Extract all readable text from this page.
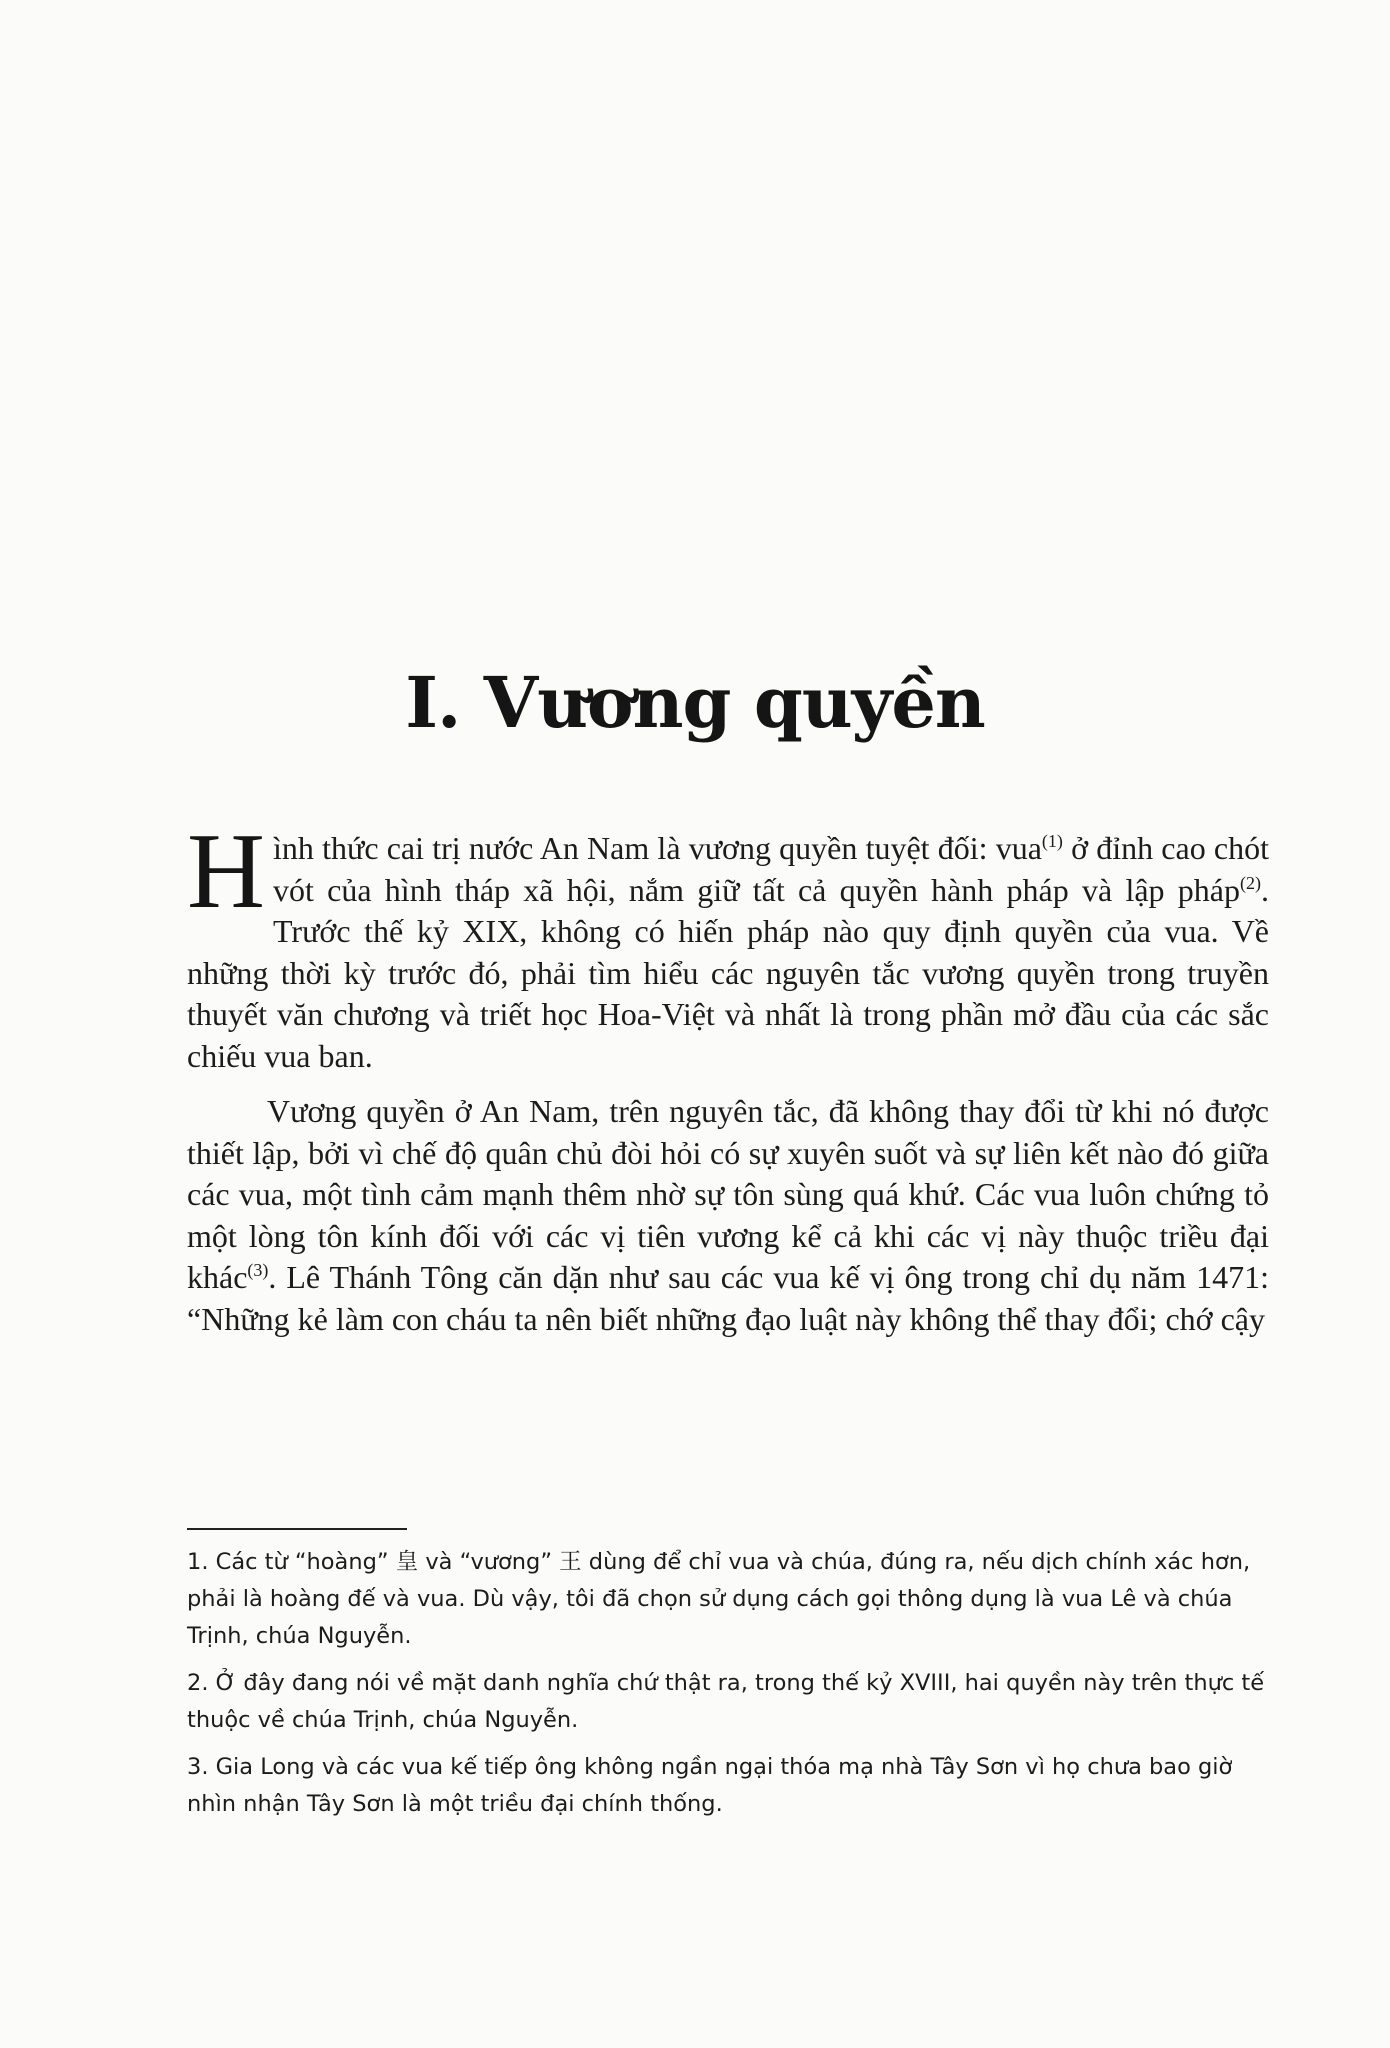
I. Vương quyền

Hình thức cai trị nước An Nam là vương quyền tuyệt đối: vua$^{(1)}$ ở đỉnh cao chót vót của hình tháp xã hội, nắm giữ tất cả quyền hành pháp và lập pháp$^{(2)}$. Trước thế kỷ XIX, không có hiến pháp nào quy định quyền của vua. Về những thời kỳ trước đó, phải tìm hiểu các nguyên tắc vương quyền trong truyền thuyết văn chương và triết học Hoa-Việt và nhất là trong phần mở đầu của các sắc chiếu vua ban.

Vương quyền ở An Nam, trên nguyên tắc, đã không thay đổi từ khi nó được thiết lập, bởi vì chế độ quân chủ đòi hỏi có sự xuyên suốt và sự liên kết nào đó giữa các vua, một tình cảm mạnh thêm nhờ sự tôn sùng quá khứ. Các vua luôn chứng tỏ một lòng tôn kính đối với các vị tiên vương kể cả khi các vị này thuộc triều đại khác$^{(3)}$. Lê Thánh Tông căn dặn như sau các vua kế vị ông trong chỉ dụ năm 1471: “Những kẻ làm con cháu ta nên biết những đạo luật này không thể thay đổi; chớ cậy

1. Các từ “hoàng” 皇 và “vương” 王 dùng để chỉ vua và chúa, đúng ra, nếu dịch chính xác hơn, phải là hoàng đế và vua. Dù vậy, tôi đã chọn sử dụng cách gọi thông dụng là vua Lê và chúa Trịnh, chúa Nguyễn.

2. Ở đây đang nói về mặt danh nghĩa chứ thật ra, trong thế kỷ XVIII, hai quyền này trên thực tế thuộc về chúa Trịnh, chúa Nguyễn.

3. Gia Long và các vua kế tiếp ông không ngần ngại thóa mạ nhà Tây Sơn vì họ chưa bao giờ nhìn nhận Tây Sơn là một triều đại chính thống.
